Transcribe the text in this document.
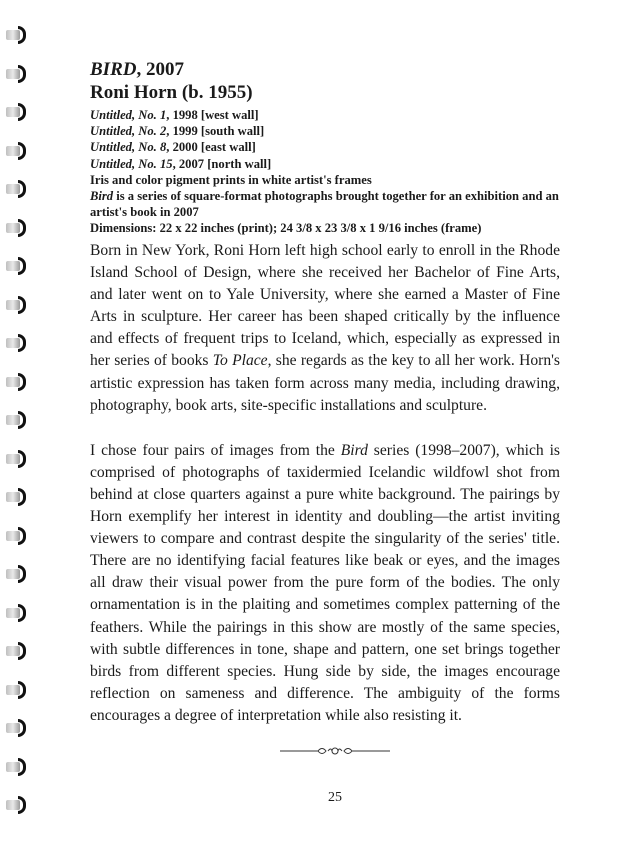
BIRD, 2007
Roni Horn (b. 1955)

Untitled, No. 1, 1998 [west wall]

Untitled, No. 2, 1999 [south wall]

Untitled, No. 8, 2000 [east wall]

Untitled, No. 15, 2007 [north wall]

Iris and color pigment prints in white artist's frames

Bird is a series of square-format photographs brought together for an exhibition and an artist's book in 2007

Dimensions: 22 x 22 inches (print); 24 3/8 x 23 3/8 x 1 9/16 inches (frame)

Born in New York, Roni Horn left high school early to enroll in the Rhode Island School of Design, where she received her Bachelor of Fine Arts, and later went on to Yale University, where she earned a Master of Fine Arts in sculpture. Her career has been shaped critically by the influence and effects of frequent trips to Iceland, which, especially as expressed in her series of books To Place, she regards as the key to all her work. Horn's artistic expression has taken form across many media, including drawing, photography, book arts, site-specific installations and sculpture.

I chose four pairs of images from the Bird series (1998–2007), which is comprised of photographs of taxidermied Icelandic wildfowl shot from behind at close quarters against a pure white background. The pairings by Horn exemplify her interest in identity and doubling—the artist inviting viewers to compare and contrast despite the singularity of the series' title. There are no identifying facial features like beak or eyes, and the images all draw their visual power from the pure form of the bodies. The only ornamentation is in the plaiting and sometimes complex patterning of the feathers. While the pairings in this show are mostly of the same species, with subtle differences in tone, shape and pattern, one set brings together birds from different species. Hung side by side, the images encourage reflection on sameness and difference. The ambiguity of the forms encourages a degree of interpretation while also resisting it.

25
